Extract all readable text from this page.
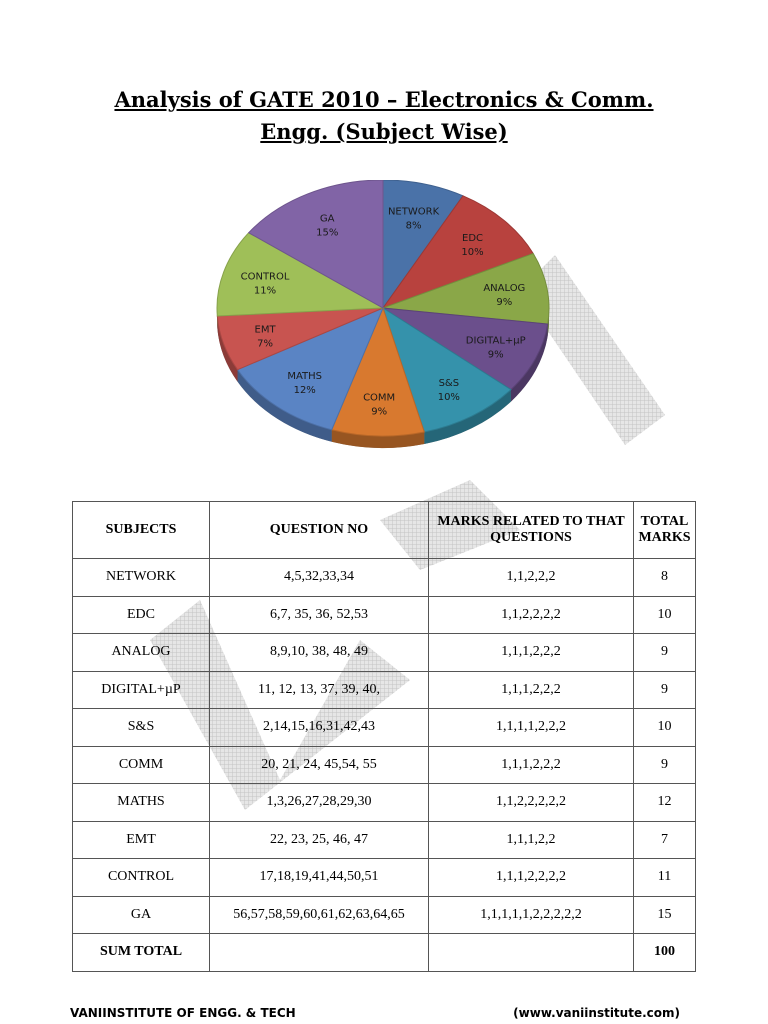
Analysis of GATE 2010 – Electronics & Comm.
Engg. (Subject Wise)
NETWORK
8%
EDC
10%
ANALOG
9%
DIGITAL+µP
9%
S&S
10%
COMM
9%
MATHS
12%
EMT
7%
CONTROL
11%
GA
15%
SUBJECTS	QUESTION NO	MARKS RELATED TO THAT QUESTIONS	TOTAL MARKS
NETWORK	4,5,32,33,34	1,1,2,2,2	8
EDC	6,7, 35, 36, 52,53	1,1,2,2,2,2	10
ANALOG	8,9,10, 38, 48, 49	1,1,1,2,2,2	9
DIGITAL+µP	11, 12, 13, 37, 39, 40,	1,1,1,2,2,2	9
S&S	2,14,15,16,31,42,43	1,1,1,1,2,2,2	10
COMM	20, 21, 24, 45,54, 55	1,1,1,2,2,2	9
MATHS	1,3,26,27,28,29,30	1,1,2,2,2,2,2	12
EMT	22, 23, 25, 46, 47	1,1,1,2,2	7
CONTROL	17,18,19,41,44,50,51	1,1,1,2,2,2,2	11
GA	56,57,58,59,60,61,62,63,64,65	1,1,1,1,1,2,2,2,2,2	15
SUM TOTAL			100
VANIINSTITUTE OF ENGG. & TECH	(www.vaniinstitute.com)
